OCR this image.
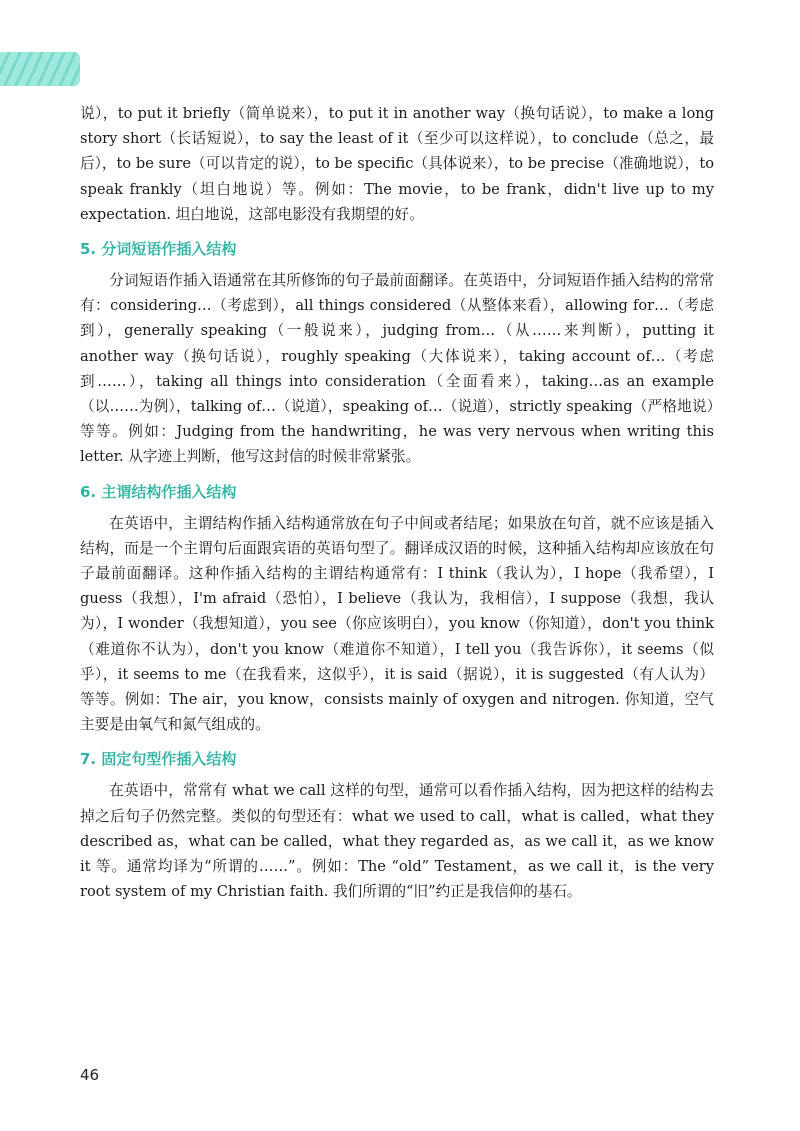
说），to put it briefly（简单说来），to put it in another way（换句话说），to make a long story short（长话短说），to say the least of it（至少可以这样说），to conclude（总之，最后），to be sure（可以肯定的说），to be specific（具体说来），to be precise（准确地说），to speak frankly（坦白地说）等。例如：The movie，to be frank，didn't live up to my expectation. 坦白地说，这部电影没有我期望的好。

5. 分词短语作插入结构

分词短语作插入语通常在其所修饰的句子最前面翻译。在英语中，分词短语作插入结构的常常有：considering…（考虑到），all things considered（从整体来看），allowing for…（考虑到），generally speaking（一般说来），judging from…（从……来判断），putting it another way（换句话说），roughly speaking（大体说来），taking account of…（考虑到……），taking all things into consideration（全面看来），taking…as an example（以……为例），talking of…（说道），speaking of…（说道），strictly speaking（严格地说）等等。例如：Judging from the handwriting，he was very nervous when writing this letter. 从字迹上判断，他写这封信的时候非常紧张。

6. 主谓结构作插入结构

在英语中，主谓结构作插入结构通常放在句子中间或者结尾；如果放在句首，就不应该是插入结构，而是一个主谓句后面跟宾语的英语句型了。翻译成汉语的时候，这种插入结构却应该放在句子最前面翻译。这种作插入结构的主谓结构通常有：I think（我认为），I hope（我希望），I guess（我想），I'm afraid（恐怕），I believe（我认为，我相信），I suppose（我想，我认为），I wonder（我想知道），you see（你应该明白），you know（你知道），don't you think（难道你不认为），don't you know（难道你不知道），I tell you（我告诉你），it seems（似乎），it seems to me（在我看来，这似乎），it is said（据说），it is suggested（有人认为）等等。例如：The air，you know，consists mainly of oxygen and nitrogen. 你知道，空气主要是由氧气和氮气组成的。

7. 固定句型作插入结构

在英语中，常常有 what we call 这样的句型，通常可以看作插入结构，因为把这样的结构去掉之后句子仍然完整。类似的句型还有：what we used to call，what is called，what they described as，what can be called，what they regarded as，as we call it，as we know it 等。通常均译为“所谓的……”。例如：The “old” Testament，as we call it，is the very root system of my Christian faith. 我们所谓的“旧”约正是我信仰的基石。

46
